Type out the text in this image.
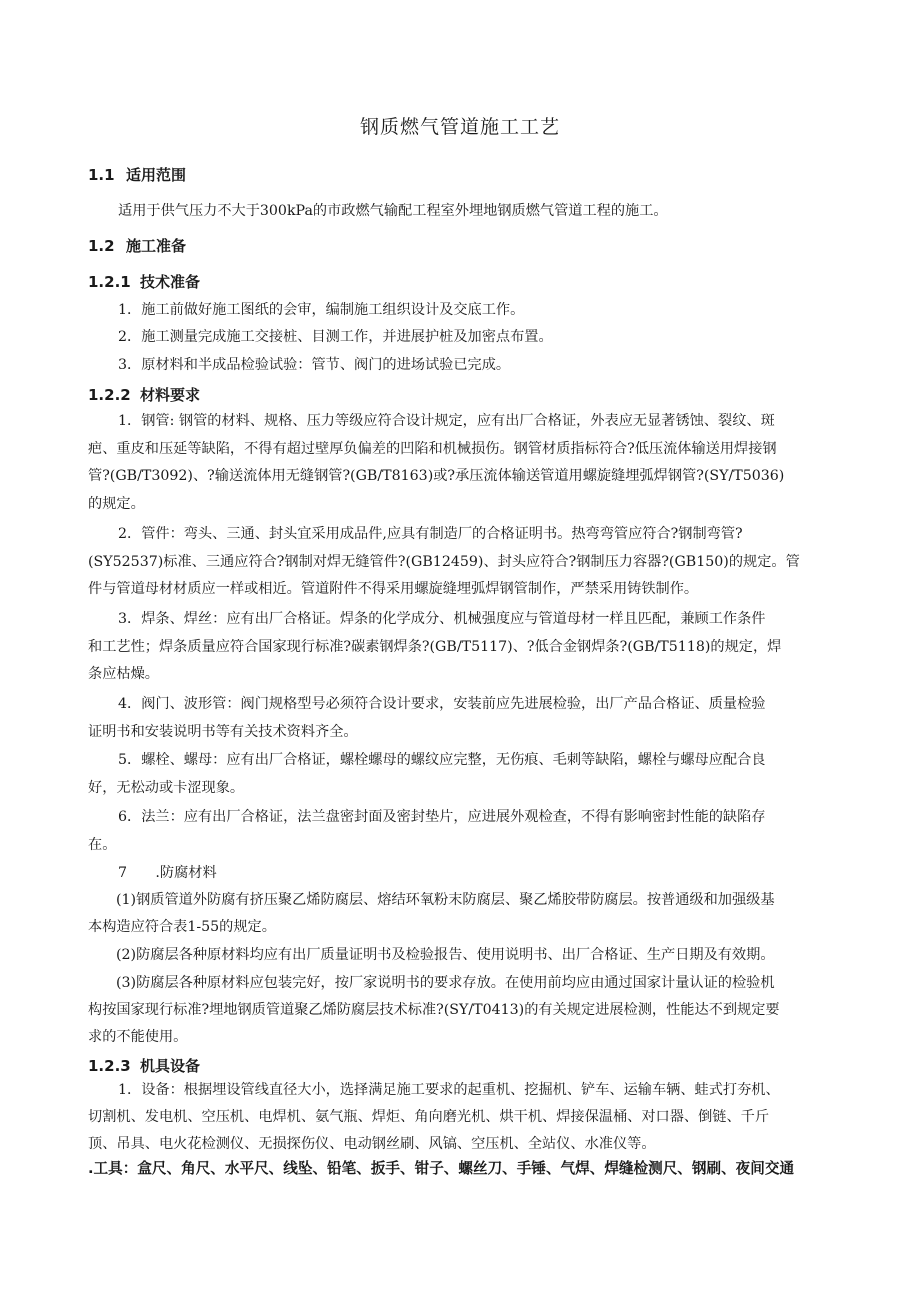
钢质燃气管道施工工艺
1.1 适用范围
适用于供气压力不大于300kPa的市政燃气输配工程室外埋地钢质燃气管道工程的施工。
1.2 施工准备
1.2.1 技术准备
1．施工前做好施工图纸的会审，编制施工组织设计及交底工作。
2．施工测量完成施工交接桩、目测工作，并进展护桩及加密点布置。
3．原材料和半成品检验试验：管节、阀门的进场试验已完成。
1.2.2 材料要求
1．钢管: 钢管的材料、规格、压力等级应符合设计规定，应有出厂合格证，外表应无显著锈蚀、裂纹、斑
疤、重皮和压延等缺陷，不得有超过壁厚负偏差的凹陷和机械损伤。钢管材质指标符合?低压流体输送用焊接钢
管?(GB/T3092)、?输送流体用无缝钢管?(GB/T8163)或?承压流体输送管道用螺旋缝埋弧焊钢管?(SY/T5036)
的规定。
2．管件：弯头、三通、封头宜采用成品件,应具有制造厂的合格证明书。热弯弯管应符合?钢制弯管?
(SY52537)标准、三通应符合?钢制对焊无缝管件?(GB12459)、封头应符合?钢制压力容器?(GB150)的规定。管
件与管道母材材质应一样或相近。管道附件不得采用螺旋缝埋弧焊钢管制作，严禁采用铸铁制作。
3．焊条、焊丝：应有出厂合格证。焊条的化学成分、机械强度应与管道母材一样且匹配，兼顾工作条件
和工艺性；焊条质量应符合国家现行标准?碳素钢焊条?(GB/T5117)、?低合金钢焊条?(GB/T5118)的规定，焊
条应枯燥。
4．阀门、波形管：阀门规格型号必须符合设计要求，安装前应先进展检验，出厂产品合格证、质量检验
证明书和安装说明书等有关技术资料齐全。
5．螺栓、螺母：应有出厂合格证，螺栓螺母的螺纹应完整，无伤痕、毛刺等缺陷，螺栓与螺母应配合良
好，无松动或卡涩现象。
6．法兰：应有出厂合格证，法兰盘密封面及密封垫片，应进展外观检查，不得有影响密封性能的缺陷存
在。
7　　.防腐材料
(1)钢质管道外防腐有挤压聚乙烯防腐层、熔结环氧粉末防腐层、聚乙烯胶带防腐层。按普通级和加强级基
本构造应符合表1-55的规定。
(2)防腐层各种原材料均应有出厂质量证明书及检验报告、使用说明书、出厂合格证、生产日期及有效期。
(3)防腐层各种原材料应包装完好，按厂家说明书的要求存放。在使用前均应由通过国家计量认证的检验机
构按国家现行标准?埋地钢质管道聚乙烯防腐层技术标准?(SY/T0413)的有关规定进展检测，性能达不到规定要
求的不能使用。
1.2.3 机具设备
1．设备：根据埋设管线直径大小，选择满足施工要求的起重机、挖掘机、铲车、运输车辆、蛙式打夯机、
切割机、发电机、空压机、电焊机、氨气瓶、焊炬、角向磨光机、烘干机、焊接保温桶、对口器、倒链、千斤
顶、吊具、电火花检测仪、无损探伤仪、电动钢丝刷、风镐、空压机、全站仪、水准仪等。
.工具：盒尺、角尺、水平尺、线坠、铅笔、扳手、钳子、螺丝刀、手锤、气焊、焊缝检测尺、钢刷、夜间交通
